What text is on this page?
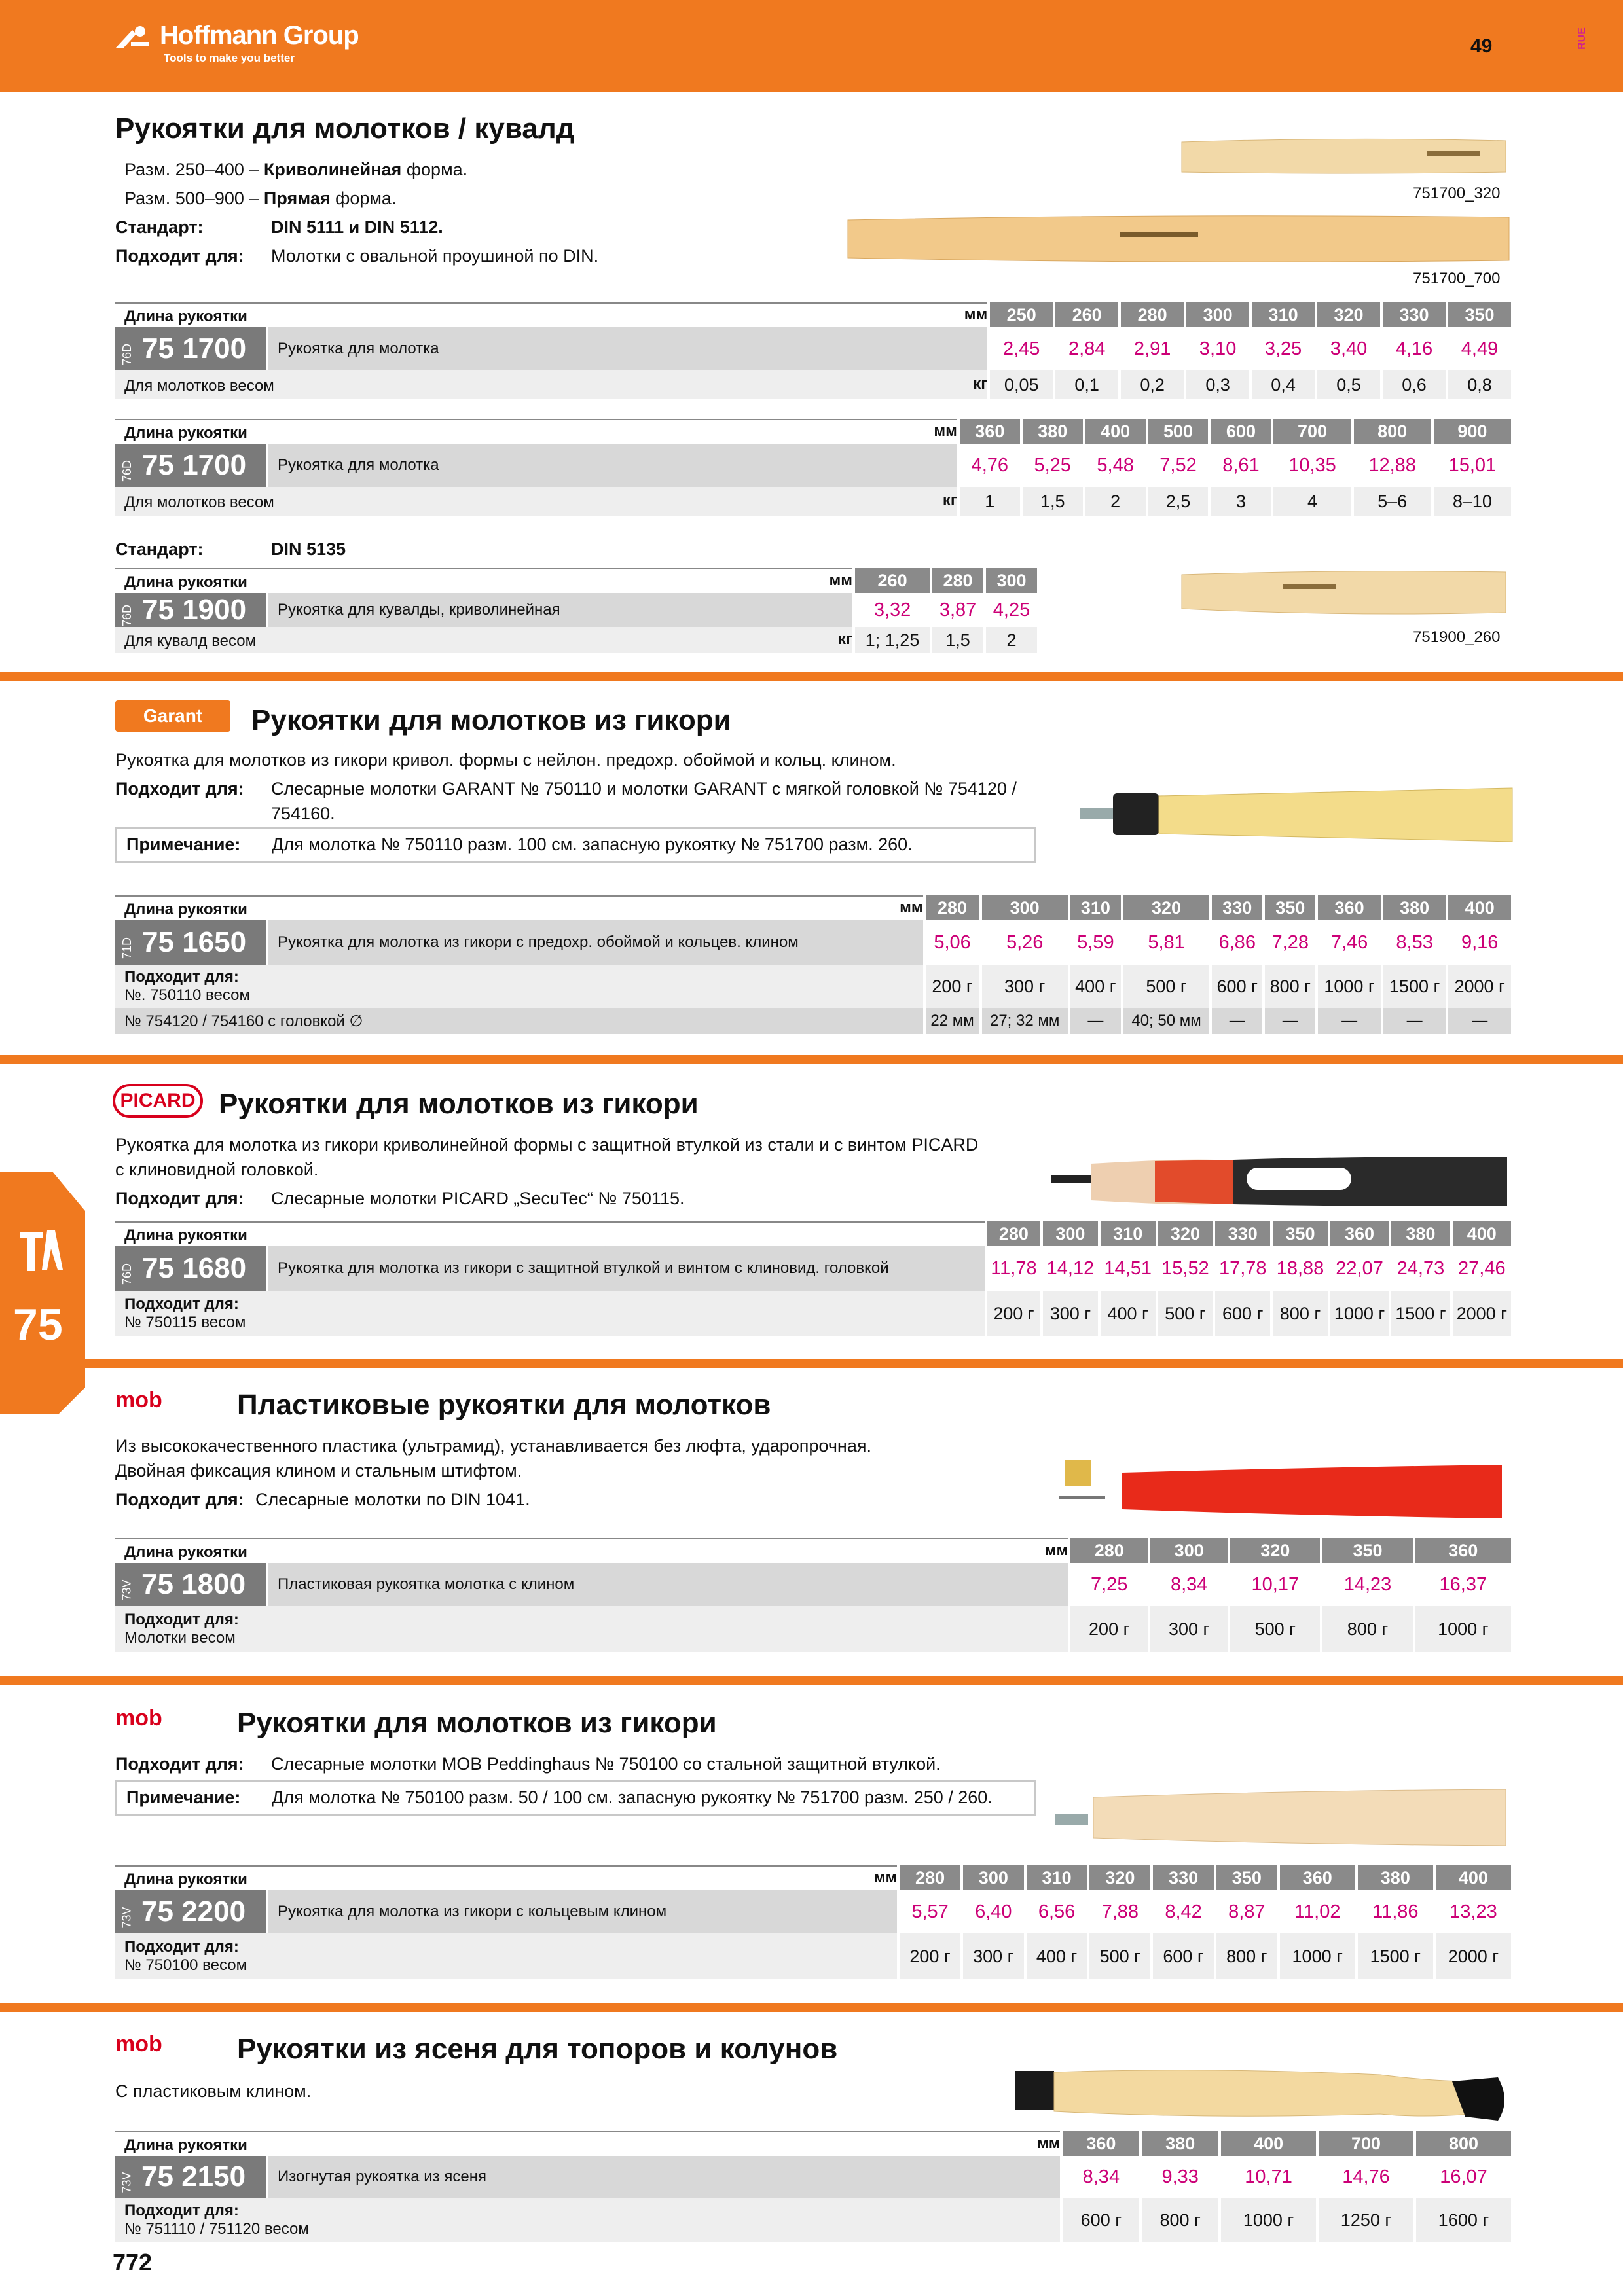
Hoffmann Group
Tools to make you better
49	RUE
75
Рукоятки для молотков / кувалд
Разм. 250–400 – Криволинейная форма.
Разм. 500–900 – Прямая форма.
Стандарт:	DIN 5111 и DIN 5112.
Подходит для: Молотки с овальной проушиной по DIN.
751700_320
751700_700
751900_260
Длина рукоятки мм		250	260	280	300	310	320	330	350
76D 75 1700	Рукоятка для молотка	2,45	2,84	2,91	3,10	3,25	3,40	4,16	4,49
Для молотков весом кг		0,05	0,1	0,2	0,3	0,4	0,5	0,6	0,8
Длина рукоятки мм		360	380	400	500	600	700	800	900
76D 75 1700	Рукоятка для молотка	4,76	5,25	5,48	7,52	8,61	10,35	12,88	15,01
Для молотков весом кг		1	1,5	2	2,5	3	4	5–6	8–10
Стандарт:	DIN 5135
Длина рукоятки мм		260	280	300
76D 75 1900	Рукоятка для кувалды, криволинейная	3,32	3,87	4,25
Для кувалд весом кг		1; 1,25	1,5	2
Garant	Рукоятки для молотков из гикори
Рукоятка для молотков из гикори кривол. формы с нейлон. предохр. обоймой и кольц. клином.
Подходит для: Слесарные молотки GARANT № 750110 и молотки GARANT с мягкой головкой № 754120 / 754160.
Примечание: Для молотка № 750110 разм. 100 см. запасную рукоятку № 751700 разм. 260.
Длина рукоятки мм		280	300	310	320	330	350	360	380	400
71D 75 1650	Рукоятка для молотка из гикори с предохр. обоймой и кольцев. клином	5,06	5,26	5,59	5,81	6,86	7,28	7,46	8,53	9,16

Подходит для:
№. 750110 весом		200 г	300 г	400 г	500 г	600 г	800 г	1000 г	1500 г	2000 г
№ 754120 / 754160 с головкой ∅		22 мм	27; 32 мм	—	40; 50 мм	—	—	—	—	—
PICARD Рукоятки для молотков из гикори
Рукоятка для молотка из гикори криволинейной формы с защитной втулкой из стали и с винтом PICARD
с клиновидной головкой.
Подходит для: Слесарные молотки PICARD „SecuTec“ № 750115.
Длина рукоятки		280	300	310	320	330	350	360	380	400
76D 75 1680	Рукоятка для молотка из гикори с защитной втулкой и винтом с клиновид. головкой	11,78	14,12	14,51	15,52	17,78	18,88	22,07	24,73	27,46

Подходит для:
№ 750115 весом		200 г	300 г	400 г	500 г	600 г	800 г	1000 г	1500 г	2000 г
mob	Пластиковые рукоятки для молотков
Из высококачественного пластика (ультрамид), устанавливается без люфта, ударопрочная.
Двойная фиксация клином и стальным штифтом.
Подходит для: Слесарные молотки по DIN 1041.
Длина рукоятки мм		280	300	320	350	360
73V 75 1800	Пластиковая рукоятка молотка с клином	7,25	8,34	10,17	14,23	16,37

Подходит для:
Молотки весом		200 г	300 г	500 г	800 г	1000 г
mob	Рукоятки для молотков из гикори
Подходит для: Слесарные молотки MOB Peddinghaus № 750100 со стальной защитной втулкой.
Примечание: Для молотка № 750100 разм. 50 / 100 см. запасную рукоятку № 751700 разм. 250 / 260.
Длина рукоятки мм		280	300	310	320	330	350	360	380	400
73V 75 2200	Рукоятка для молотка из гикори с кольцевым клином	5,57	6,40	6,56	7,88	8,42	8,87	11,02	11,86	13,23

Подходит для:
№ 750100 весом		200 г	300 г	400 г	500 г	600 г	800 г	1000 г	1500 г	2000 г
mob	Рукоятки из ясеня для топоров и колунов
С пластиковым клином.
Длина рукоятки мм		360	380	400	700	800
73V 75 2150	Изогнутая рукоятка из ясеня	8,34	9,33	10,71	14,76	16,07

Подходит для:
№ 751110 / 751120 весом		600 г	800 г	1000 г	1250 г	1600 г
772
